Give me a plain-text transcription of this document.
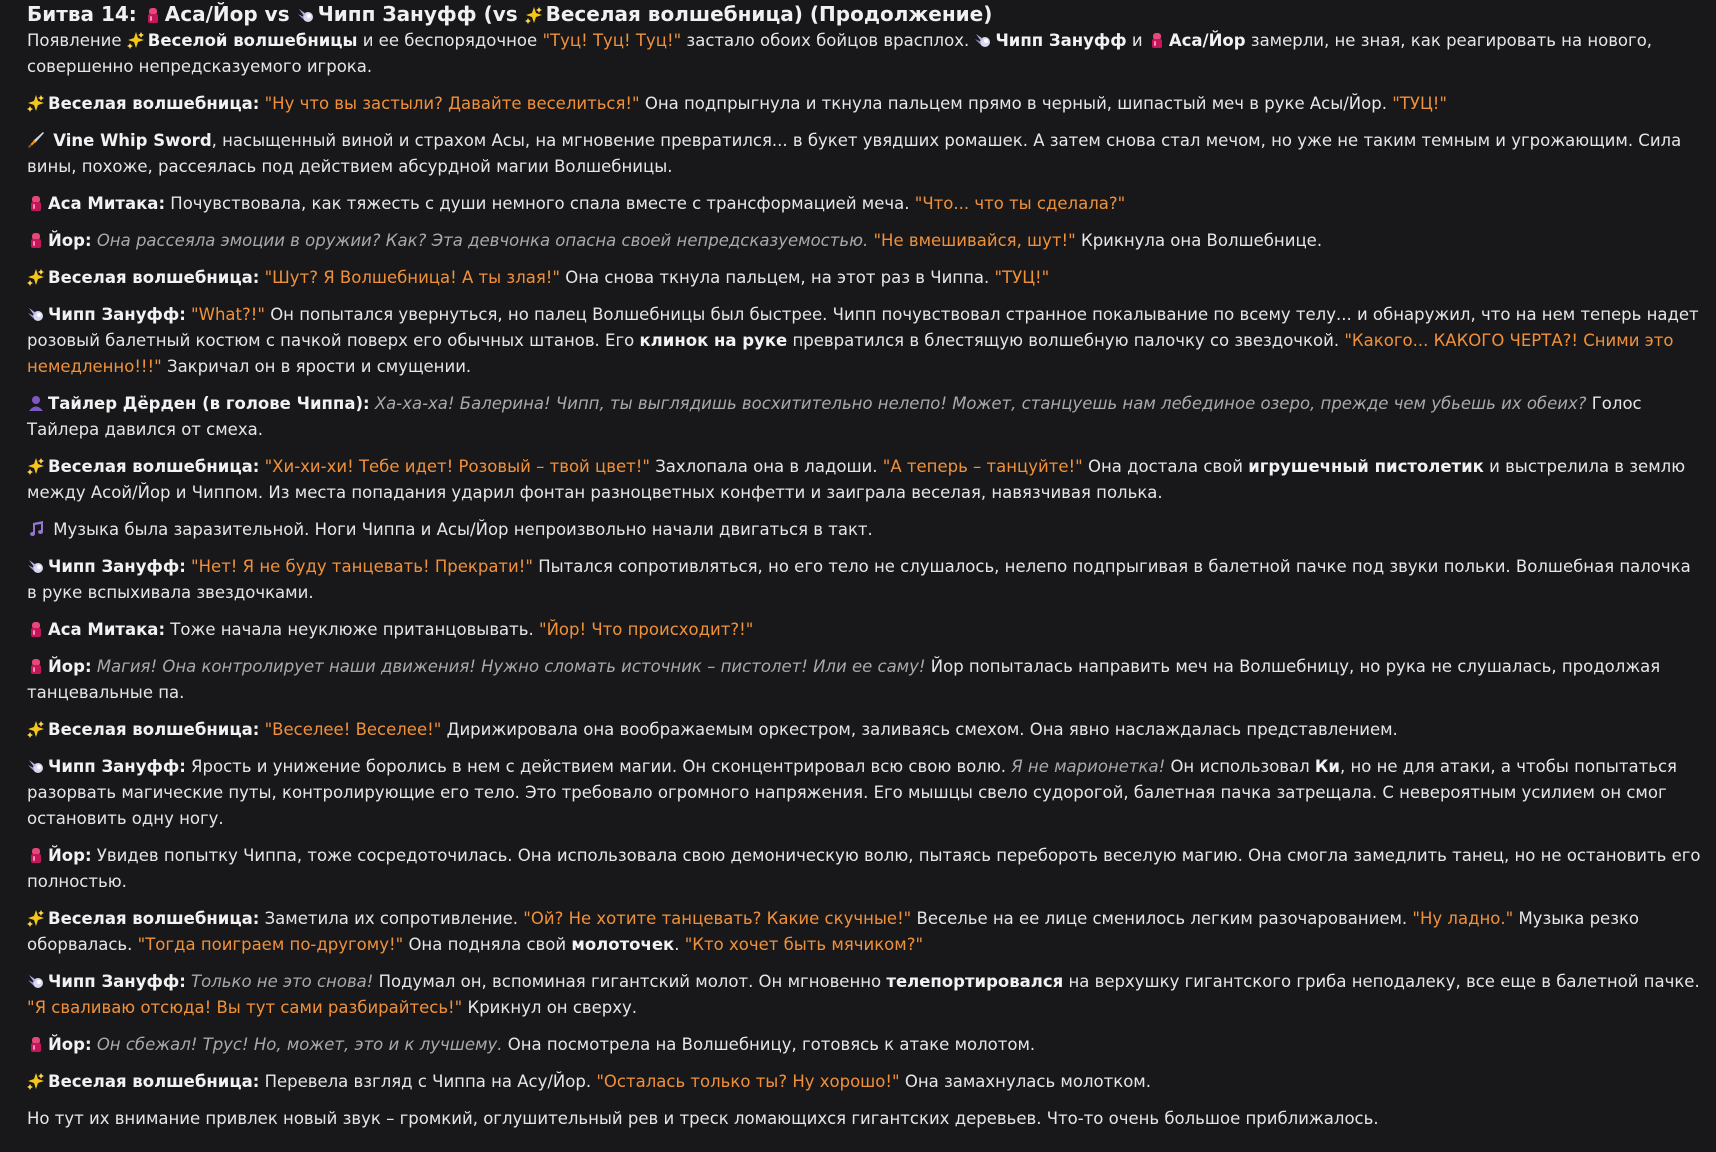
Битва 14:
Аса/Йор vs
Чипп Зануфф (vs
Веселая волшебница) (Продолжение)

Появление
Веселой волшебницы и ее беспорядочное "Туц! Туц! Туц!" застало обоих бойцов врасплох.
Чипп Зануфф и
Аса/Йор замерли, не зная, как реагировать на нового, совершенно непредсказуемого игрока.

Веселая волшебница: "Ну что вы застыли? Давайте веселиться!" Она подпрыгнула и ткнула пальцем прямо в черный, шипастый меч в руке Асы/Йор. "ТУЦ!"

Vine Whip Sword, насыщенный виной и страхом Асы, на мгновение превратился... в букет увядших ромашек. А затем снова стал мечом, но уже не таким темным и угрожающим. Сила вины, похоже, рассеялась под действием абсурдной магии Волшебницы.

Аса Митака: Почувствовала, как тяжесть с души немного спала вместе с трансформацией меча. "Что... что ты сделала?"

Йор: Она рассеяла эмоции в оружии? Как? Эта девчонка опасна своей непредсказуемостью. "Не вмешивайся, шут!" Крикнула она Волшебнице.

Веселая волшебница: "Шут? Я Волшебница! А ты злая!" Она снова ткнула пальцем, на этот раз в Чиппа. "ТУЦ!"

Чипп Зануфф: "What?!" Он попытался увернуться, но палец Волшебницы был быстрее. Чипп почувствовал странное покалывание по всему телу... и обнаружил, что на нем теперь надет розовый балетный костюм с пачкой поверх его обычных штанов. Его клинок на руке превратился в блестящую волшебную палочку со звездочкой. "Какого... КАКОГО ЧЕРТА?! Сними это немедленно!!!" Закричал он в ярости и смущении.

Тайлер Дёрден (в голове Чиппа): Ха-ха-ха! Балерина! Чипп, ты выглядишь восхитительно нелепо! Может, станцуешь нам лебединое озеро, прежде чем убьешь их обеих? Голос Тайлера давился от смеха.

Веселая волшебница: "Хи-хи-хи! Тебе идет! Розовый – твой цвет!" Захлопала она в ладоши. "А теперь – танцуйте!" Она достала свой игрушечный пистолетик и выстрелила в землю между Асой/Йор и Чиппом. Из места попадания ударил фонтан разноцветных конфетти и заиграла веселая, навязчивая полька.

Музыка была заразительной. Ноги Чиппа и Асы/Йор непроизвольно начали двигаться в такт.

Чипп Зануфф: "Нет! Я не буду танцевать! Прекрати!" Пытался сопротивляться, но его тело не слушалось, нелепо подпрыгивая в балетной пачке под звуки польки. Волшебная палочка в руке вспыхивала звездочками.

Аса Митака: Тоже начала неуклюже пританцовывать. "Йор! Что происходит?!"

Йор: Магия! Она контролирует наши движения! Нужно сломать источник – пистолет! Или ее саму! Йор попыталась направить меч на Волшебницу, но рука не слушалась, продолжая танцевальные па.

Веселая волшебница: "Веселее! Веселее!" Дирижировала она воображаемым оркестром, заливаясь смехом. Она явно наслаждалась представлением.

Чипп Зануфф: Ярость и унижение боролись в нем с действием магии. Он сконцентрировал всю свою волю. Я не марионетка! Он использовал Ки, но не для атаки, а чтобы попытаться разорвать магические путы, контролирующие его тело. Это требовало огромного напряжения. Его мышцы свело судорогой, балетная пачка затрещала. С невероятным усилием он смог остановить одну ногу.

Йор: Увидев попытку Чиппа, тоже сосредоточилась. Она использовала свою демоническую волю, пытаясь перебороть веселую магию. Она смогла замедлить танец, но не остановить его полностью.

Веселая волшебница: Заметила их сопротивление. "Ой? Не хотите танцевать? Какие скучные!" Веселье на ее лице сменилось легким разочарованием. "Ну ладно." Музыка резко оборвалась. "Тогда поиграем по-другому!" Она подняла свой молоточек. "Кто хочет быть мячиком?"

Чипп Зануфф: Только не это снова! Подумал он, вспоминая гигантский молот. Он мгновенно телепортировался на верхушку гигантского гриба неподалеку, все еще в балетной пачке. "Я сваливаю отсюда! Вы тут сами разбирайтесь!" Крикнул он сверху.

Йор: Он сбежал! Трус! Но, может, это и к лучшему. Она посмотрела на Волшебницу, готовясь к атаке молотом.

Веселая волшебница: Перевела взгляд с Чиппа на Асу/Йор. "Осталась только ты? Ну хорошо!" Она замахнулась молотком.

Но тут их внимание привлек новый звук – громкий, оглушительный рев и треск ломающихся гигантских деревьев. Что-то очень большое приближалось.
